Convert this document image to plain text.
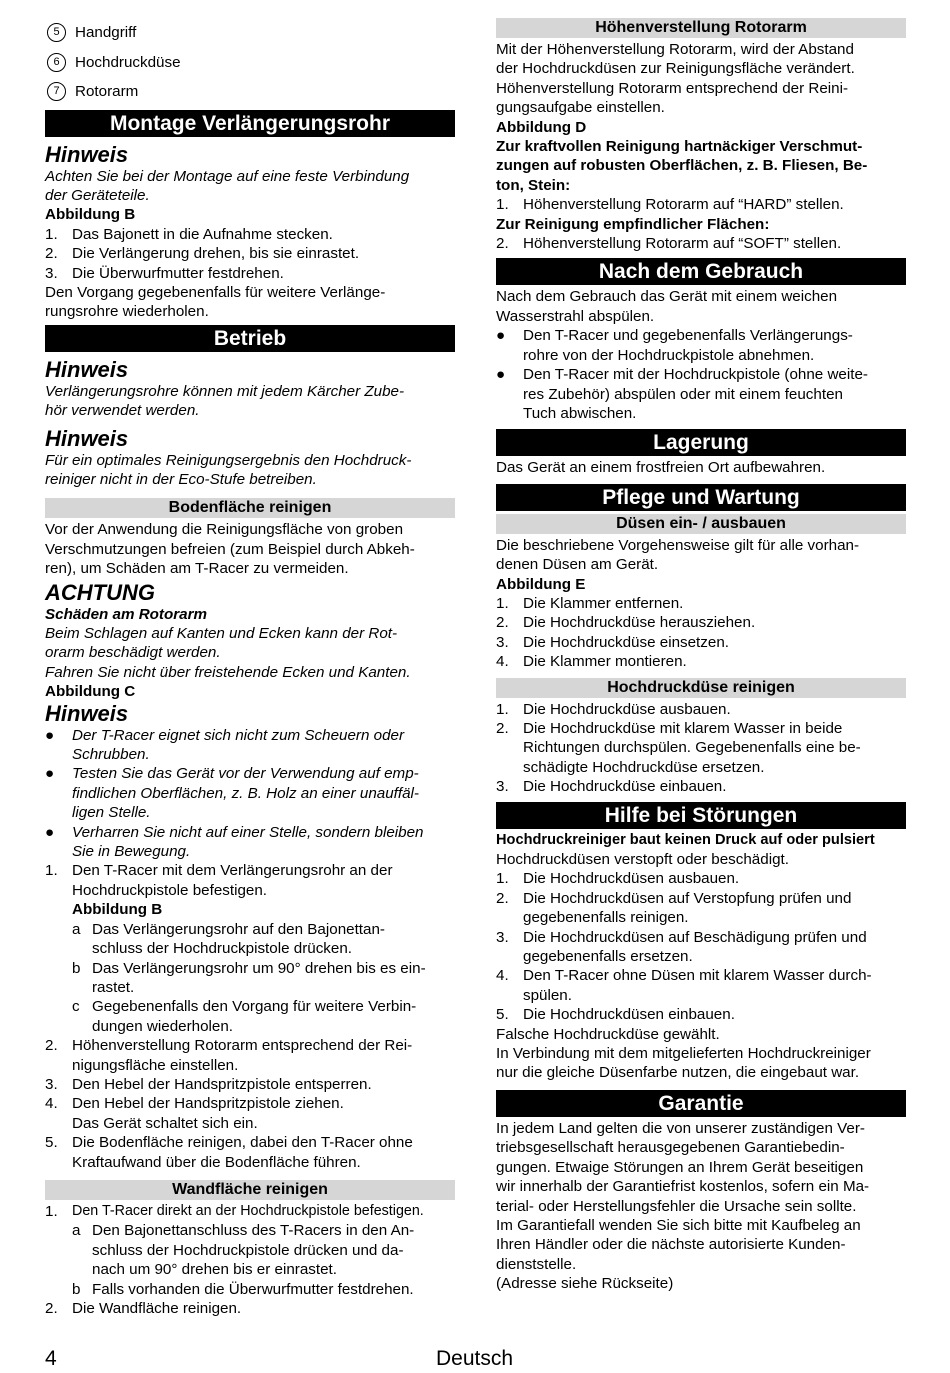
5	Handgriff
6	Hochdruckdüse
7	Rotorarm
Montage Verlängerungsrohr
Hinweis

Achten Sie bei der Montage auf eine feste Verbindung
der Geräteteile.

Abbildung B

1. Das Bajonett in die Aufnahme stecken.
2. Die Verlängerung drehen, bis sie einrastet.
3. Die Überwurfmutter festdrehen.

Den Vorgang gegebenenfalls für weitere Verlänge-
rungsrohre wiederholen.

Betrieb
Hinweis

Verlängerungsrohre können mit jedem Kärcher Zube-
hör verwendet werden.

Hinweis

Für ein optimales Reinigungsergebnis den Hochdruck-
reiniger nicht in der Eco-Stufe betreiben.

Bodenfläche reinigen

Vor der Anwendung die Reinigungsfläche von groben
Verschmutzungen befreien (zum Beispiel durch Abkeh-
ren), um Schäden am T-Racer zu vermeiden.

ACHTUNG

Schäden am Rotorarm

Beim Schlagen auf Kanten und Ecken kann der Rot-
orarm beschädigt werden.
Fahren Sie nicht über freistehende Ecken und Kanten.

Abbildung C

Hinweis
●	Der T-Racer eignet sich nicht zum Scheuern oder
Schrubben.
●	Testen Sie das Gerät vor der Verwendung auf emp-
findlichen Oberflächen, z. B. Holz an einer unauffäl-
ligen Stelle.
●	Verharren Sie nicht auf einer Stelle, sondern bleiben
Sie in Bewegung.
1. Den T-Racer mit dem Verlängerungsrohr an der
Hochdruckpistole befestigen.

Abbildung B

a Das Verlängerungsrohr auf den Bajonettan-
schluss der Hochdruckpistole drücken.
b Das Verlängerungsrohr um 90° drehen bis es ein-
rastet.
c Gegebenenfalls den Vorgang für weitere Verbin-
dungen wiederholen.
2. Höhenverstellung Rotorarm entsprechend der Rei-
nigungsfläche einstellen.
3. Den Hebel der Handspritzpistole entsperren.
4. Den Hebel der Handspritzpistole ziehen.
Das Gerät schaltet sich ein.
5. Die Bodenfläche reinigen, dabei den T-Racer ohne
Kraftaufwand über die Bodenfläche führen.
Wandfläche reinigen
1.	Den T-Racer direkt an der Hochdruckpistole befestigen.
a Den Bajonettanschluss des T-Racers in den An-
schluss der Hochdruckpistole drücken und da-
nach um 90° drehen bis er einrastet.
b Falls vorhanden die Überwurfmutter festdrehen.
2. Die Wandfläche reinigen.
Höhenverstellung Rotorarm

Mit der Höhenverstellung Rotorarm, wird der Abstand
der Hochdruckdüsen zur Reinigungsfläche verändert.
Höhenverstellung Rotorarm entsprechend der Reini-
gungsaufgabe einstellen.

Abbildung D

Zur kraftvollen Reinigung hartnäckiger Verschmut-
zungen auf robusten Oberflächen, z. B. Fliesen, Be-
ton, Stein:

1. Höhenverstellung Rotorarm auf “HARD” stellen.

Zur Reinigung empfindlicher Flächen:

2. Höhenverstellung Rotorarm auf “SOFT” stellen.
Nach dem Gebrauch

Nach dem Gebrauch das Gerät mit einem weichen
Wasserstrahl abspülen.

●	Den T-Racer und gegebenenfalls Verlängerungs-
rohre von der Hochdruckpistole abnehmen.
●	Den T-Racer mit der Hochdruckpistole (ohne weite-
res Zubehör) abspülen oder mit einem feuchten
Tuch abwischen.
Lagerung

Das Gerät an einem frostfreien Ort aufbewahren.

Pflege und Wartung
Düsen ein- / ausbauen

Die beschriebene Vorgehensweise gilt für alle vorhan-
denen Düsen am Gerät.

Abbildung E

1. Die Klammer entfernen.
2. Die Hochdruckdüse herausziehen.
3. Die Hochdruckdüse einsetzen.
4. Die Klammer montieren.
Hochdruckdüse reinigen
1. Die Hochdruckdüse ausbauen.
2. Die Hochdruckdüse mit klarem Wasser in beide
Richtungen durchspülen. Gegebenenfalls eine be-
schädigte Hochdruckdüse ersetzen.
3. Die Hochdruckdüse einbauen.
Hilfe bei Störungen

Hochdruckreiniger baut keinen Druck auf oder pulsiert

Hochdruckdüsen verstopft oder beschädigt.

1. Die Hochdruckdüsen ausbauen.
2. Die Hochdruckdüsen auf Verstopfung prüfen und
gegebenenfalls reinigen.
3. Die Hochdruckdüsen auf Beschädigung prüfen und
gegebenenfalls ersetzen.
4. Den T-Racer ohne Düsen mit klarem Wasser durch-
spülen.
5. Die Hochdruckdüsen einbauen.

Falsche Hochdruckdüse gewählt.
In Verbindung mit dem mitgelieferten Hochdruckreiniger
nur die gleiche Düsenfarbe nutzen, die eingebaut war.

Garantie

In jedem Land gelten die von unserer zuständigen Ver-
triebsgesellschaft herausgegebenen Garantiebedin-
gungen. Etwaige Störungen an Ihrem Gerät beseitigen
wir innerhalb der Garantiefrist kostenlos, sofern ein Ma-
terial- oder Herstellungsfehler die Ursache sein sollte.
Im Garantiefall wenden Sie sich bitte mit Kaufbeleg an
Ihren Händler oder die nächste autorisierte Kunden-
dienststelle.
(Adresse siehe Rückseite)

4	Deutsch
